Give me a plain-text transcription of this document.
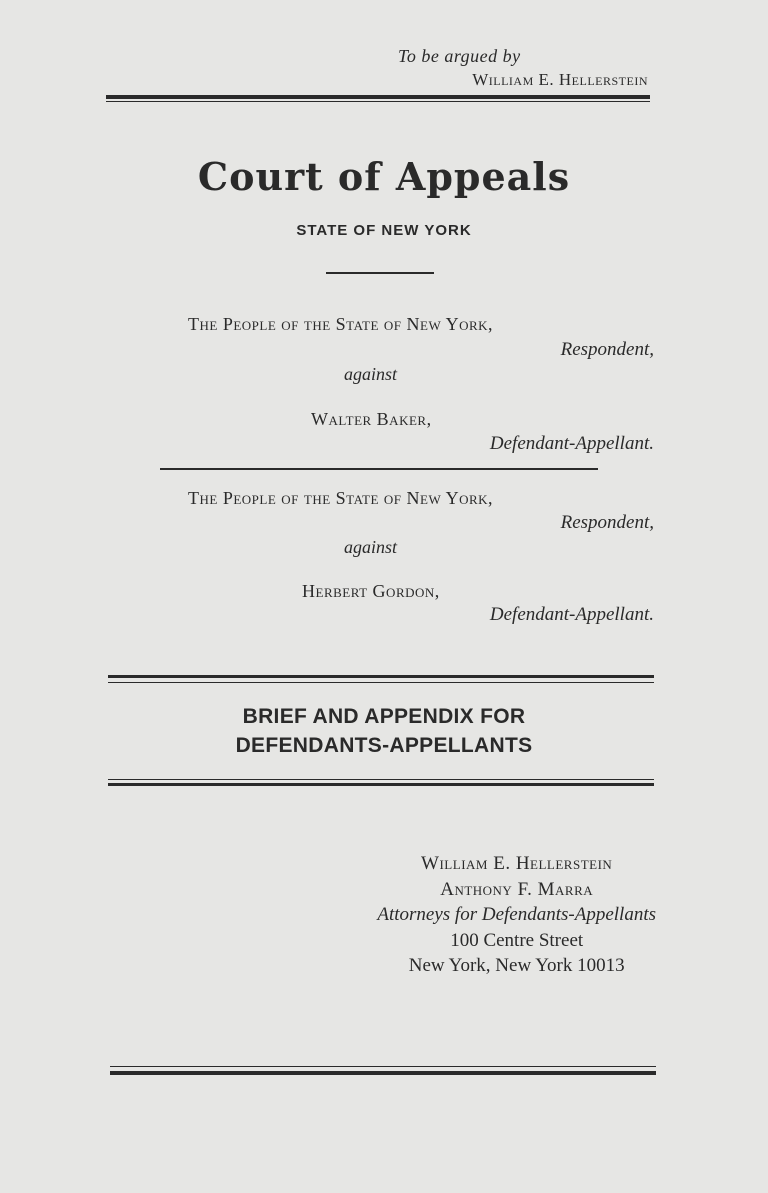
To be argued by
William E. Hellerstein
Court of Appeals
STATE OF NEW YORK
The People of the State of New York,
Respondent,
against
Walter Baker,
Defendant-Appellant.
The People of the State of New York,
Respondent,
against
Herbert Gordon,
Defendant-Appellant.
BRIEF AND APPENDIX FOR
DEFENDANTS-APPELLANTS
William E. Hellerstein
Anthony F. Marra
Attorneys for Defendants-Appellants
100 Centre Street
New York, New York 10013
